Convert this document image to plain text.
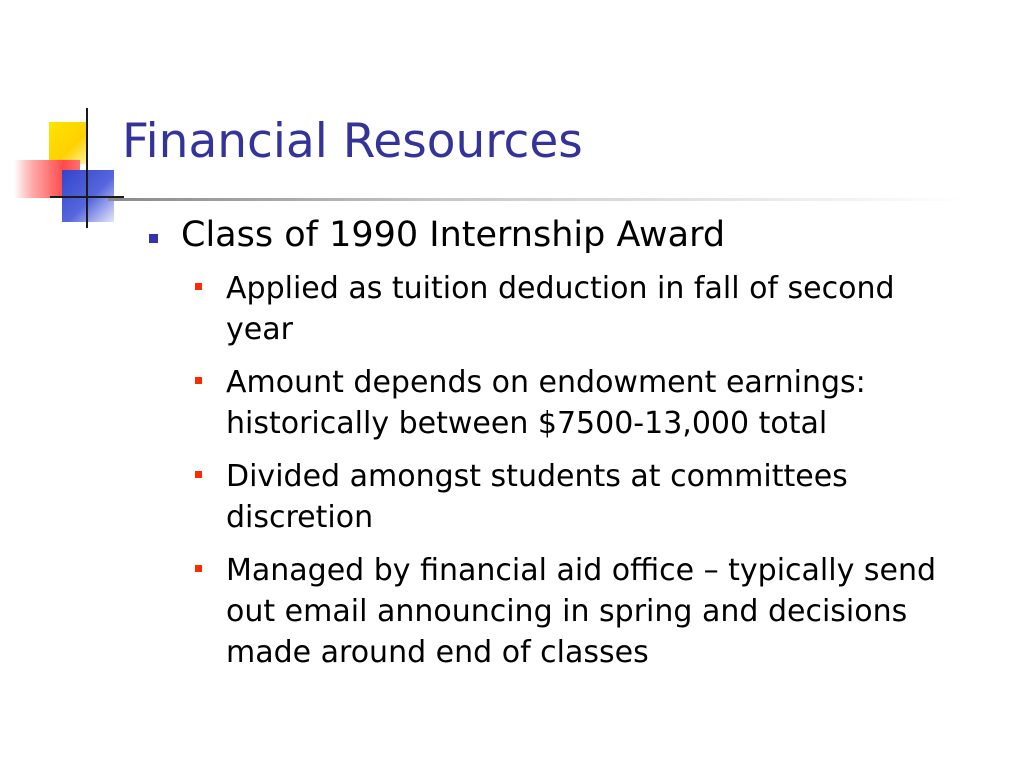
Financial Resources
Class of 1990 Internship Award
Applied as tuition deduction in fall of second year
Amount depends on endowment earnings: historically between $7500-13,000 total
Divided amongst students at committees discretion
Managed by financial aid office – typically send out email announcing in spring and decisions made around end of classes
